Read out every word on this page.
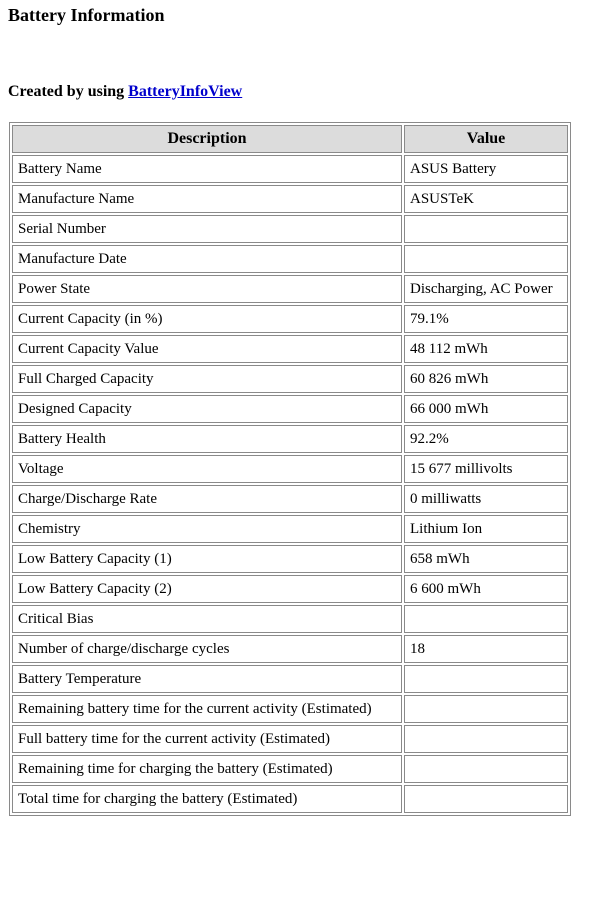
Battery Information

Created by using BatteryInfoView

Description	Value
Battery Name	ASUS Battery
Manufacture Name	ASUSTeK
Serial Number	
Manufacture Date	
Power State	Discharging, AC Power
Current Capacity (in %)	79.1%
Current Capacity Value	48 112 mWh
Full Charged Capacity	60 826 mWh
Designed Capacity	66 000 mWh
Battery Health	92.2%
Voltage	15 677 millivolts
Charge/Discharge Rate	0 milliwatts
Chemistry	Lithium Ion
Low Battery Capacity (1)	658 mWh
Low Battery Capacity (2)	6 600 mWh
Critical Bias	
Number of charge/discharge cycles	18
Battery Temperature	
Remaining battery time for the current activity (Estimated)	
Full battery time for the current activity (Estimated)	
Remaining time for charging the battery (Estimated)	
Total time for charging the battery (Estimated)	
